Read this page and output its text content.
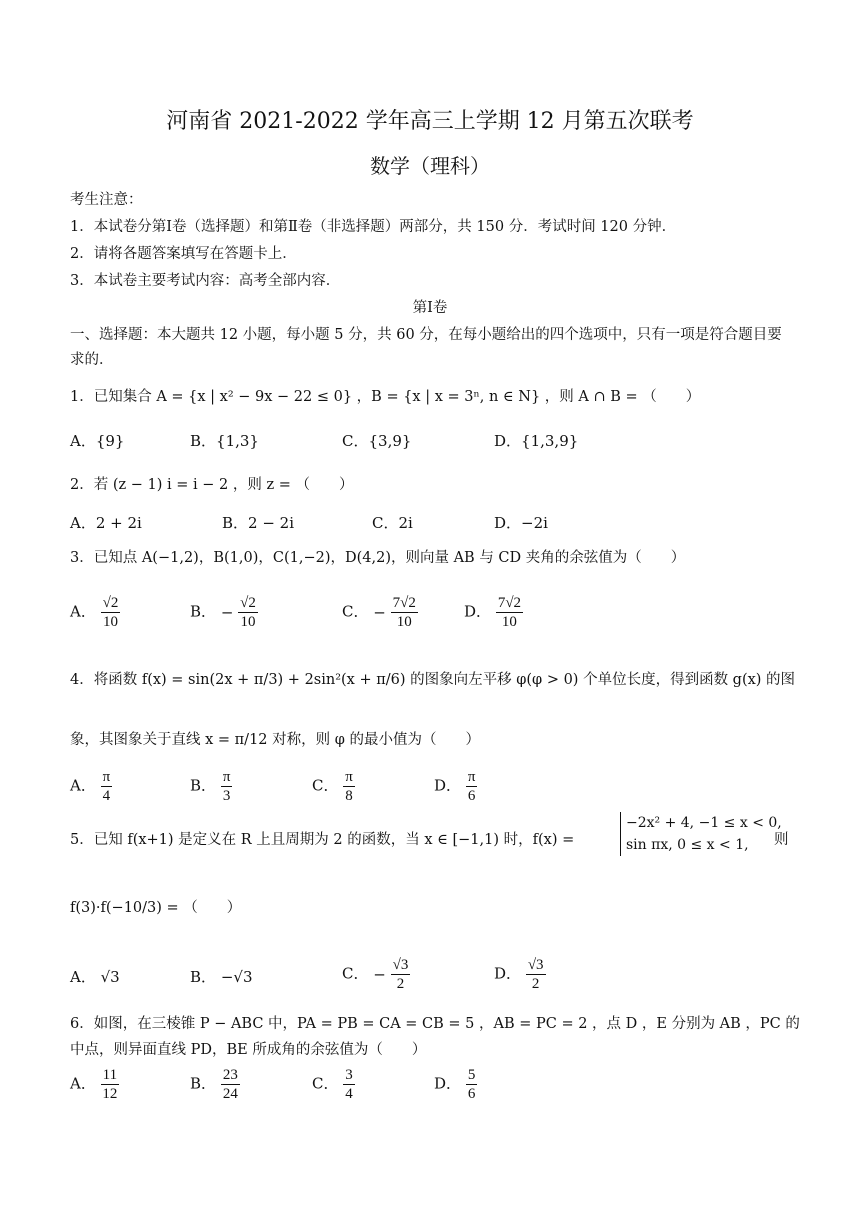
河南省 2021-2022 学年高三上学期 12 月第五次联考
数学（理科）
考生注意：
1．本试卷分第Ⅰ卷（选择题）和第Ⅱ卷（非选择题）两部分，共 150 分．考试时间 120 分钟．
2．请将各题答案填写在答题卡上．
3．本试卷主要考试内容：高考全部内容．
第Ⅰ卷
一、选择题：本大题共 12 小题，每小题 5 分，共 60 分，在每小题给出的四个选项中，只有一项是符合题目要
求的．
1．已知集合 A = {x | x² − 9x − 22 ≤ 0} ，B = {x | x = 3ⁿ, n ∈ N} ，则 A ∩ B = （　　）
A．{9}	B．{1,3}	C．{3,9}	D．{1,3,9}
2．若 (z − 1) i = i − 2 ，则 z = （　　）
A．2 + 2i	B．2 − 2i	C．2i	D．−2i
3．已知点 A(−1,2)，B(1,0)，C(1,−2)，D(4,2)，则向量 AB 与 CD 夹角的余弦值为（　　）
A． $\frac{√2}{10}$	B． − $\frac{√2}{10}$	C． − $\frac{7√2}{10}$	D． $\frac{7√2}{10}$
4．将函数 f(x) = sin(2x + π/3) + 2sin²(x + π/6) 的图象向左平移 φ(φ > 0) 个单位长度，得到函数 g(x) 的图
象，其图象关于直线 x = π/12 对称，则 φ 的最小值为（　　）
A． $\frac{\pi}{4}$	B． $\frac{\pi}{3}$	C． $\frac{\pi}{8}$	D． $\frac{\pi}{6}$
5．已知 f(x+1) 是定义在 R 上且周期为 2 的函数，当 x ∈ [−1,1) 时，f(x) =
−2x² + 4, −1 ≤ x < 0,
sin πx, 0 ≤ x < 1,	则
f(3)·f(−10/3) = （　　）
A． √3	B． −√3	C． − $\frac{√3}{2}$	D． $\frac{√3}{2}$
6．如图，在三棱锥 P − ABC 中，PA = PB = CA = CB = 5 ，AB = PC = 2 ，点 D ，E 分别为 AB ，PC 的
中点，则异面直线 PD，BE 所成角的余弦值为（　　）
A． $\frac{11}{12}$	B． $\frac{23}{24}$	C． $\frac{3}{4}$	D． $\frac{5}{6}$
